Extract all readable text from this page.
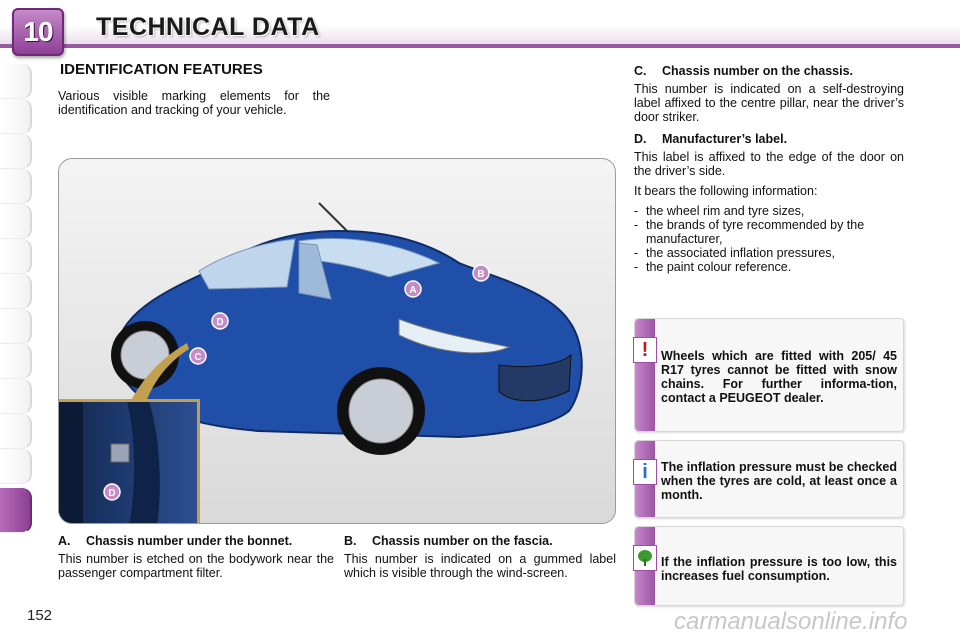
10 TECHNICAL DATA
IDENTIFICATION FEATURES
Various visible marking elements for the identification and tracking of your vehicle.
A
B
C
D
D
A.	Chassis number under the bonnet.
This number is etched on the bodywork near the passenger compartment filter.
B.	Chassis number on the fascia.
This number is indicated on a gummed label which is visible through the wind-screen.
C.	Chassis number on the chassis.

This number is indicated on a self-destroying label affixed to the centre pillar, near the driver’s door striker.

D.	Manufacturer’s label.

This label is affixed to the edge of the door on the driver’s side.

It bears the following information:

- the wheel rim and tyre sizes,
- the brands of tyre recommended by the manufacturer,
- the associated inflation pressures,
- the paint colour reference.
!	Wheels which are fitted with 205/ 45 R17 tyres cannot be fitted with snow chains. For further informa-tion, contact a PEUGEOT dealer.
i	The inflation pressure must be checked when the tyres are cold, at least once a month.
If the inflation pressure is too low, this increases fuel consumption.
152	carmanualsonline.info
